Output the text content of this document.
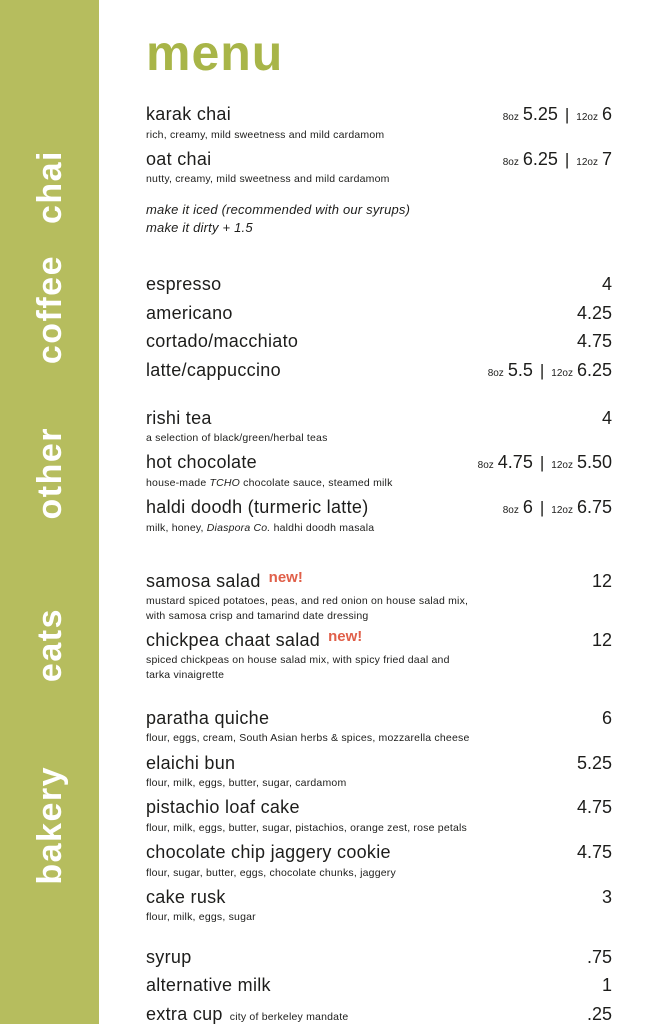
chai
coffee
other
eats
bakery
menu
karak chai	8oz 5.25 | 12oz 6

rich, creamy, mild sweetness and mild cardamom

oat chai	8oz 6.25 | 12oz 7

nutty, creamy, mild sweetness and mild cardamom

make it iced (recommended with our syrups)
make it dirty + 1.5
espresso	4
americano	4.25
cortado/macchiato	4.75
latte/cappuccino	8oz 5.5 | 12oz 6.25
rishi tea	4

a selection of black/green/herbal teas

hot chocolate	8oz 4.75 | 12oz 5.50

house-made TCHO chocolate sauce, steamed milk

haldi doodh (turmeric latte)	8oz 6 | 12oz 6.75

milk, honey, Diaspora Co. haldhi doodh masala

samosa salad new!	12

mustard spiced potatoes, peas, and red onion on house salad mix,
with samosa crisp and tamarind date dressing

chickpea chaat salad new!	12

spiced chickpeas on house salad mix, with spicy fried daal and
tarka vinaigrette

paratha quiche	6

flour, eggs, cream, South Asian herbs & spices, mozzarella cheese

elaichi bun	5.25

flour, milk, eggs, butter, sugar, cardamom

pistachio loaf cake	4.75

flour, milk, eggs, butter, sugar, pistachios, orange zest, rose petals

chocolate chip jaggery cookie	4.75

flour, sugar, butter, eggs, chocolate chunks, jaggery

cake rusk	3

flour, milk, eggs, sugar

syrup	.75
alternative milk	1
extra cup city of berkeley mandate	.25
